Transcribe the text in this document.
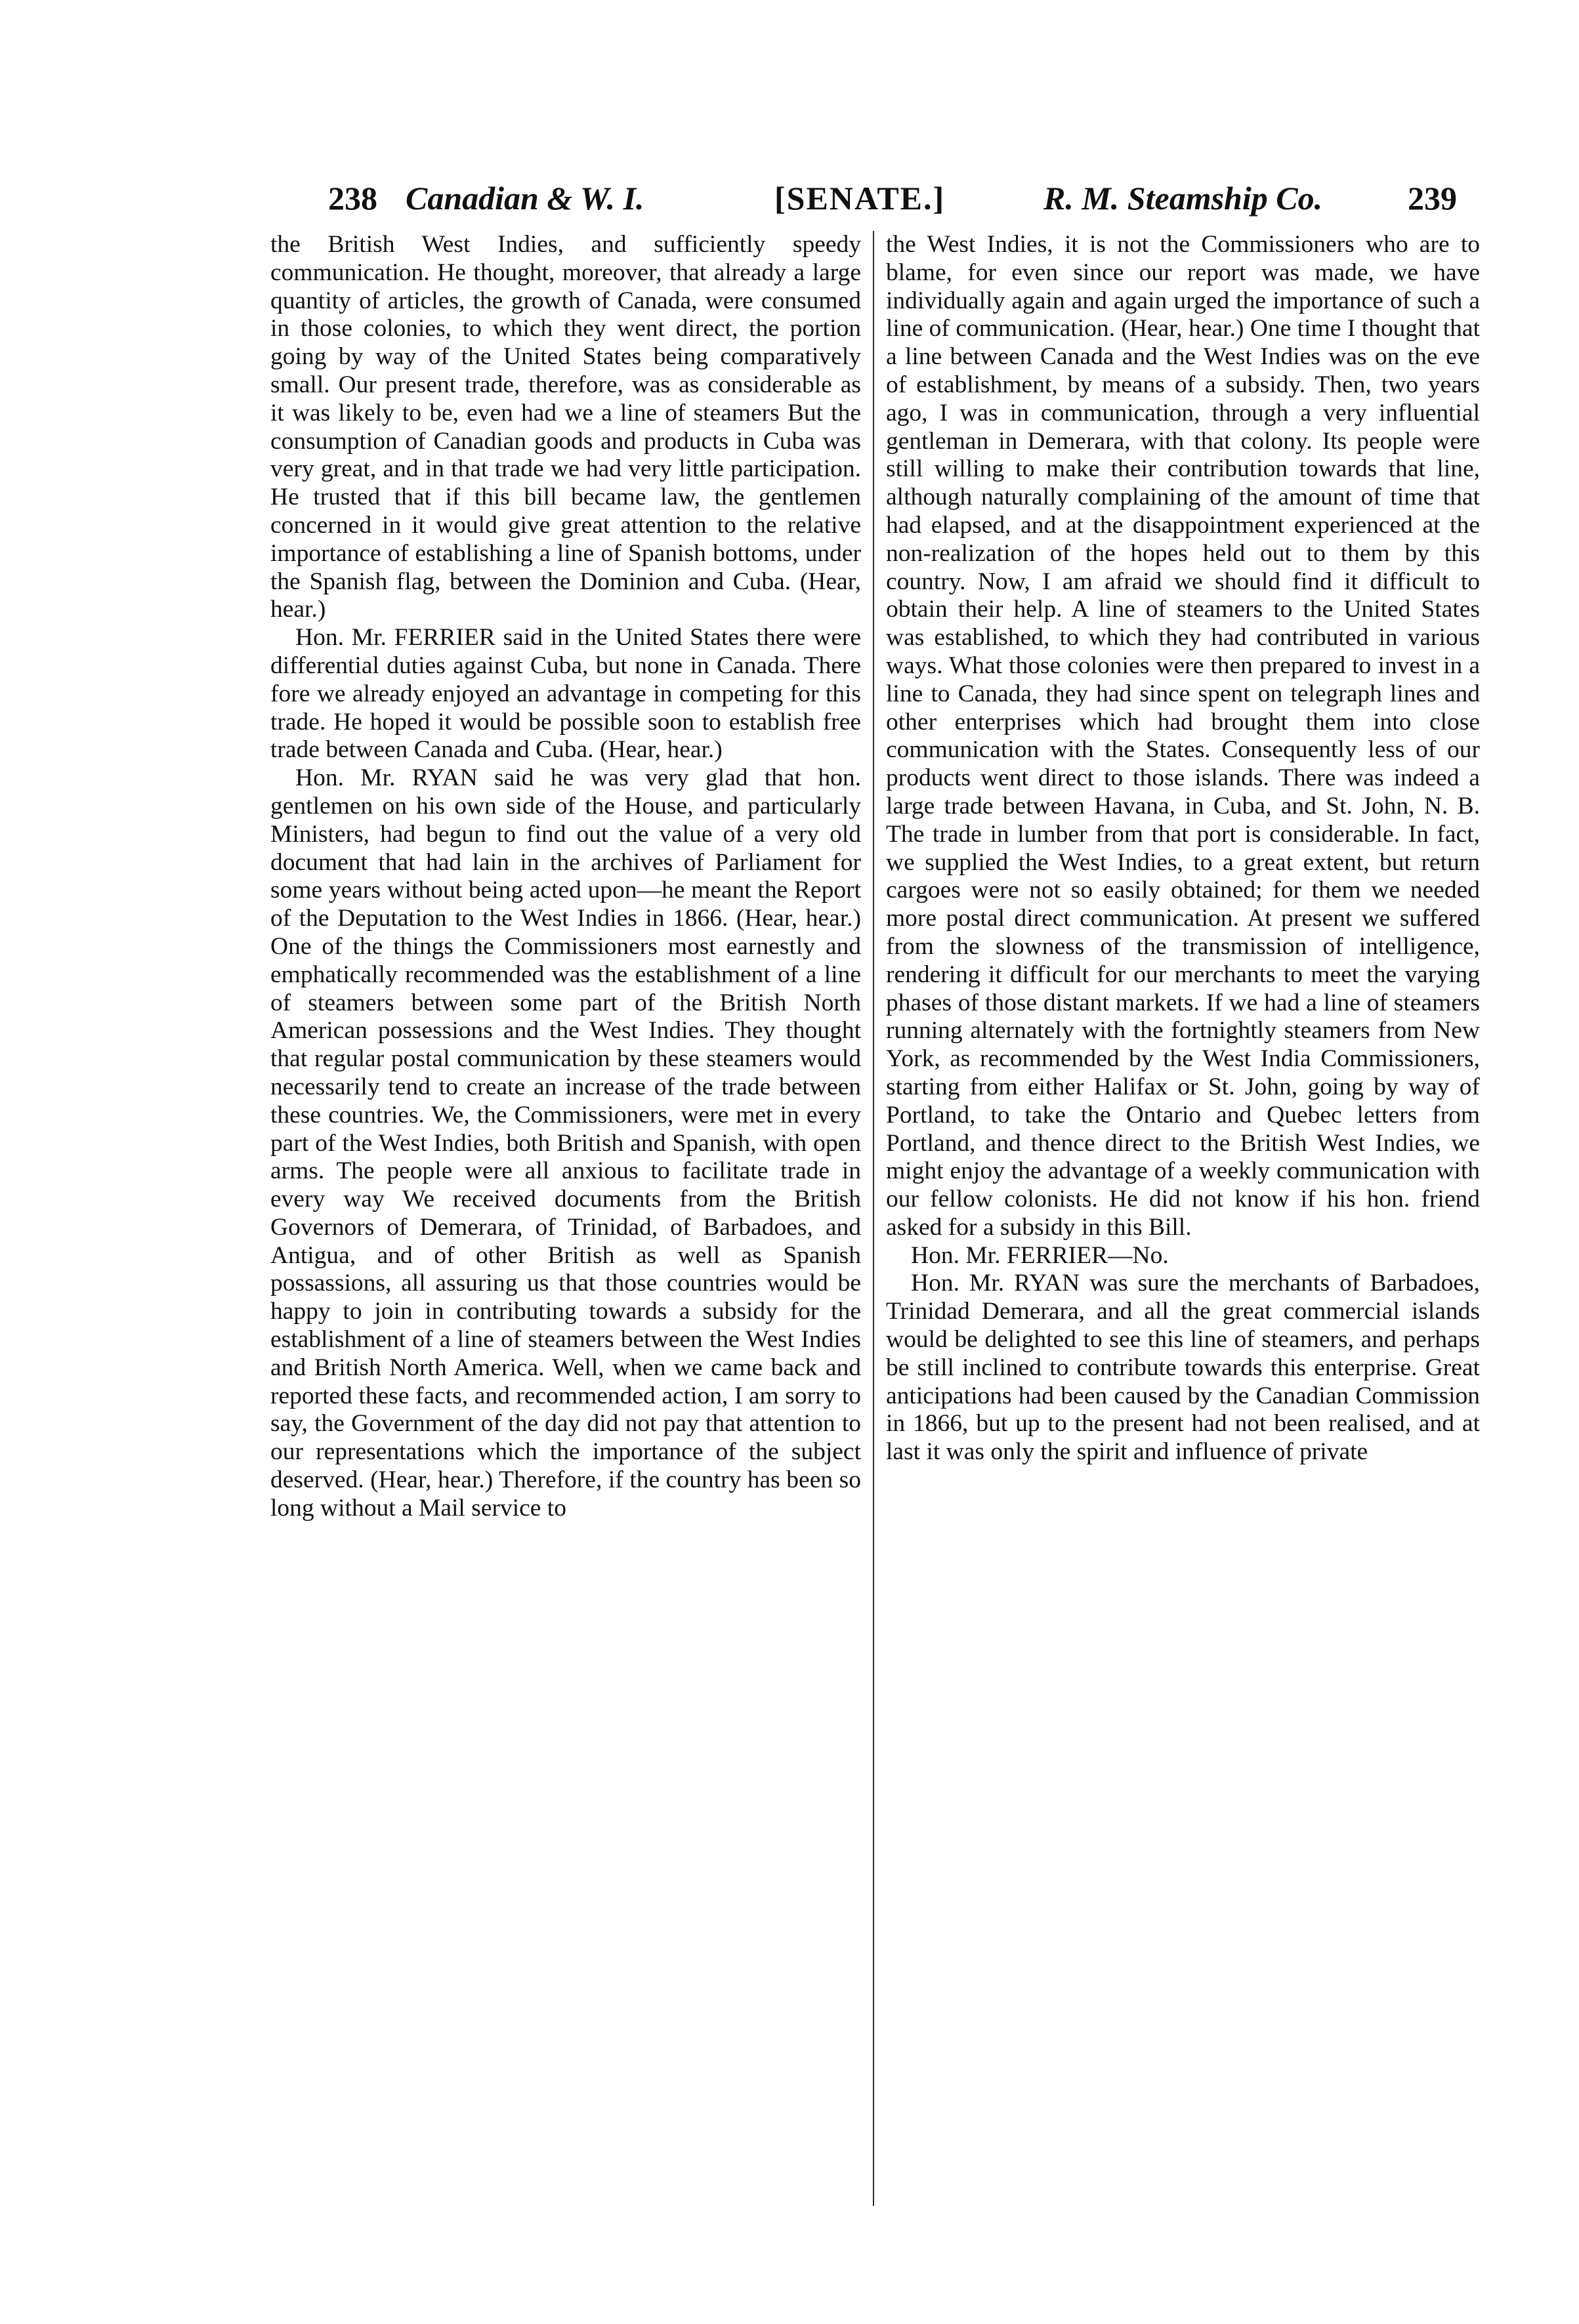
238 Canadian & W. I.	[SENATE.]	R. M. Steamship Co.	239

the British West Indies, and sufficiently speedy communication. He thought, moreover, that already a large quantity of articles, the growth of Canada, were consumed in those colonies, to which they went direct, the portion going by way of the United States being comparatively small. Our present trade, therefore, was as considerable as it was likely to be, even had we a line of steamers But the consumption of Canadian goods and products in Cuba was very great, and in that trade we had very little participation. He trusted that if this bill became law, the gentlemen concerned in it would give great attention to the relative importance of establishing a line of Spanish bottoms, under the Spanish flag, between the Dominion and Cuba. (Hear, hear.)

Hon. Mr. FERRIER said in the United States there were differential duties against Cuba, but none in Canada. There fore we already enjoyed an advantage in competing for this trade. He hoped it would be possible soon to establish free trade between Canada and Cuba. (Hear, hear.)

Hon. Mr. RYAN said he was very glad that hon. gentlemen on his own side of the House, and particularly Ministers, had begun to find out the value of a very old document that had lain in the archives of Parliament for some years without being acted upon—he meant the Report of the Deputation to the West Indies in 1866. (Hear, hear.) One of the things the Commissioners most earnestly and emphatically recommended was the establishment of a line of steamers between some part of the British North American possessions and the West Indies. They thought that regular postal communication by these steamers would necessarily tend to create an increase of the trade between these countries. We, the Commissioners, were met in every part of the West Indies, both British and Spanish, with open arms. The people were all anxious to facilitate trade in every way We received documents from the British Governors of Demerara, of Trinidad, of Barbadoes, and Antigua, and of other British as well as Spanish possassions, all assuring us that those countries would be happy to join in contributing towards a subsidy for the establishment of a line of steamers between the West Indies and British North America. Well, when we came back and reported these facts, and recommended action, I am sorry to say, the Government of the day did not pay that attention to our representations which the importance of the subject deserved. (Hear, hear.) Therefore, if the country has been so long without a Mail service to

the West Indies, it is not the Commissioners who are to blame, for even since our report was made, we have individually again and again urged the importance of such a line of communication. (Hear, hear.) One time I thought that a line between Canada and the West Indies was on the eve of establishment, by means of a subsidy. Then, two years ago, I was in communication, through a very influential gentleman in Demerara, with that colony. Its people were still willing to make their contribution towards that line, although naturally complaining of the amount of time that had elapsed, and at the disappointment experienced at the non-realization of the hopes held out to them by this country. Now, I am afraid we should find it difficult to obtain their help. A line of steamers to the United States was established, to which they had contributed in various ways. What those colonies were then prepared to invest in a line to Canada, they had since spent on telegraph lines and other enterprises which had brought them into close communication with the States. Consequently less of our products went direct to those islands. There was indeed a large trade between Havana, in Cuba, and St. John, N. B. The trade in lumber from that port is considerable. In fact, we supplied the West Indies, to a great extent, but return cargoes were not so easily obtained; for them we needed more postal direct communication. At present we suffered from the slowness of the transmission of intelligence, rendering it difficult for our merchants to meet the varying phases of those distant markets. If we had a line of steamers running alternately with the fortnightly steamers from New York, as recommended by the West India Commissioners, starting from either Halifax or St. John, going by way of Portland, to take the Ontario and Quebec letters from Portland, and thence direct to the British West Indies, we might enjoy the advantage of a weekly communication with our fellow colonists. He did not know if his hon. friend asked for a subsidy in this Bill.

Hon. Mr. FERRIER—No.

Hon. Mr. RYAN was sure the merchants of Barbadoes, Trinidad Demerara, and all the great commercial islands would be delighted to see this line of steamers, and perhaps be still inclined to contribute towards this enterprise. Great anticipations had been caused by the Canadian Commission in 1866, but up to the present had not been realised, and at last it was only the spirit and influence of private
